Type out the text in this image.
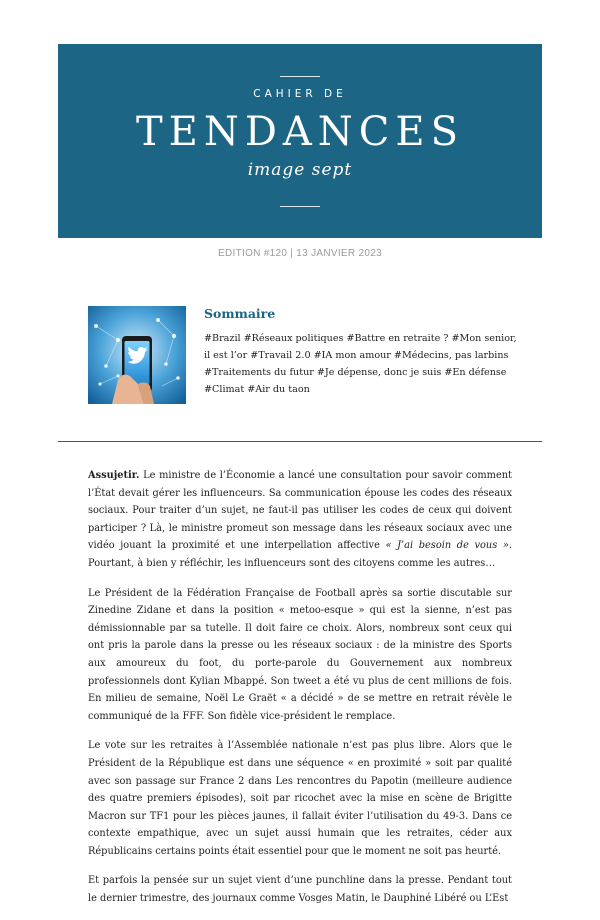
CAHIER DE
TENDANCES
image sept
EDITION #120 | 13 JANVIER 2023
Sommaire
#Brazil #Réseaux politiques #Battre en retraite ? #Mon senior, il est l’or #Travail 2.0 #IA mon amour #Médecins, pas larbins #Traitements du futur #Je dépense, donc je suis #En défense #Climat #Air du taon

Assujetir. Le ministre de l’Économie a lancé une consultation pour savoir comment l’État devait gérer les influenceurs. Sa communication épouse les codes des réseaux sociaux. Pour traiter d’un sujet, ne faut-il pas utiliser les codes de ceux qui doivent participer ? Là, le ministre promeut son message dans les réseaux sociaux avec une vidéo jouant la proximité et une interpellation affective « J’ai besoin de vous ». Pourtant, à bien y réfléchir, les influenceurs sont des citoyens comme les autres…

Le Président de la Fédération Française de Football après sa sortie discutable sur Zinedine Zidane et dans la position « metoo-esque » qui est la sienne, n’est pas démissionnable par sa tutelle. Il doit faire ce choix. Alors, nombreux sont ceux qui ont pris la parole dans la presse ou les réseaux sociaux : de la ministre des Sports aux amoureux du foot, du porte-parole du Gouvernement aux nombreux professionnels dont Kylian Mbappé. Son tweet a été vu plus de cent millions de fois. En milieu de semaine, Noël Le Graët « a décidé » de se mettre en retrait révèle le communiqué de la FFF. Son fidèle vice-président le remplace.

Le vote sur les retraites à l’Assemblée nationale n’est pas plus libre. Alors que le Président de la République est dans une séquence « en proximité » soit par qualité avec son passage sur France 2 dans Les rencontres du Papotin (meilleure audience des quatre premiers épisodes), soit par ricochet avec la mise en scène de Brigitte Macron sur TF1 pour les pièces jaunes, il fallait éviter l’utilisation du 49-3. Dans ce contexte empathique, avec un sujet aussi humain que les retraites, céder aux Républicains certains points était essentiel pour que le moment ne soit pas heurté.

Et parfois la pensée sur un sujet vient d’une punchline dans la presse. Pendant tout le dernier trimestre, des journaux comme Vosges Matin, le Dauphiné Libéré ou L’Est
